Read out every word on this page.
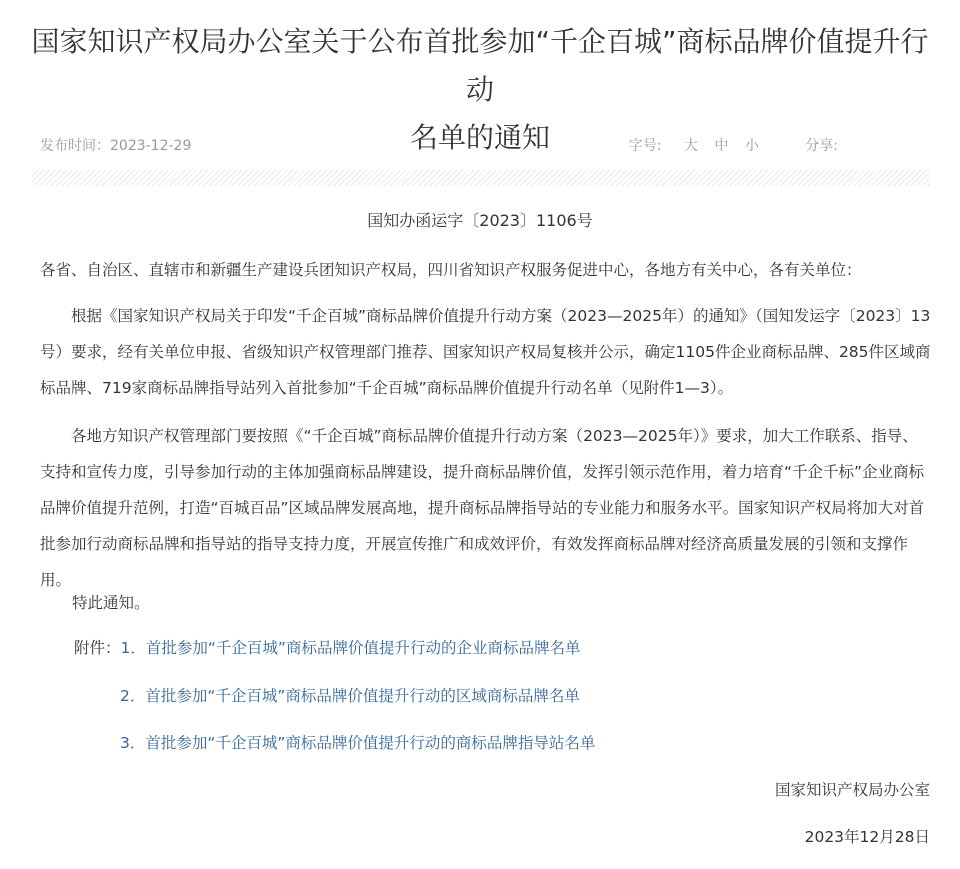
国家知识产权局办公室关于公布首批参加“千企百城”商标品牌价值提升行动
名单的通知
发布时间：2023-12-29	字号: 大 中 小	分享:
国知办函运字〔2023〕1106号

各省、自治区、直辖市和新疆生产建设兵团知识产权局，四川省知识产权服务促进中心，各地方有关中心，各有关单位：

根据《国家知识产权局关于印发“千企百城”商标品牌价值提升行动方案（2023—2025年）的通知》（国知发运字〔2023〕13号）要求，经有关单位申报、省级知识产权管理部门推荐、国家知识产权局复核并公示，确定1105件企业商标品牌、285件区域商标品牌、719家商标品牌指导站列入首批参加“千企百城”商标品牌价值提升行动名单（见附件1—3）。

各地方知识产权管理部门要按照《“千企百城”商标品牌价值提升行动方案（2023—2025年）》要求，加大工作联系、指导、支持和宣传力度，引导参加行动的主体加强商标品牌建设，提升商标品牌价值，发挥引领示范作用，着力培育“千企千标”企业商标品牌价值提升范例，打造“百城百品”区域品牌发展高地，提升商标品牌指导站的专业能力和服务水平。国家知识产权局将加大对首批参加行动商标品牌和指导站的指导支持力度，开展宣传推广和成效评价，有效发挥商标品牌对经济高质量发展的引领和支撑作用。

特此通知。
附件：1．首批参加“千企百城”商标品牌价值提升行动的企业商标品牌名单
2．首批参加“千企百城”商标品牌价值提升行动的区域商标品牌名单
3．首批参加“千企百城”商标品牌价值提升行动的商标品牌指导站名单
国家知识产权局办公室
2023年12月28日
